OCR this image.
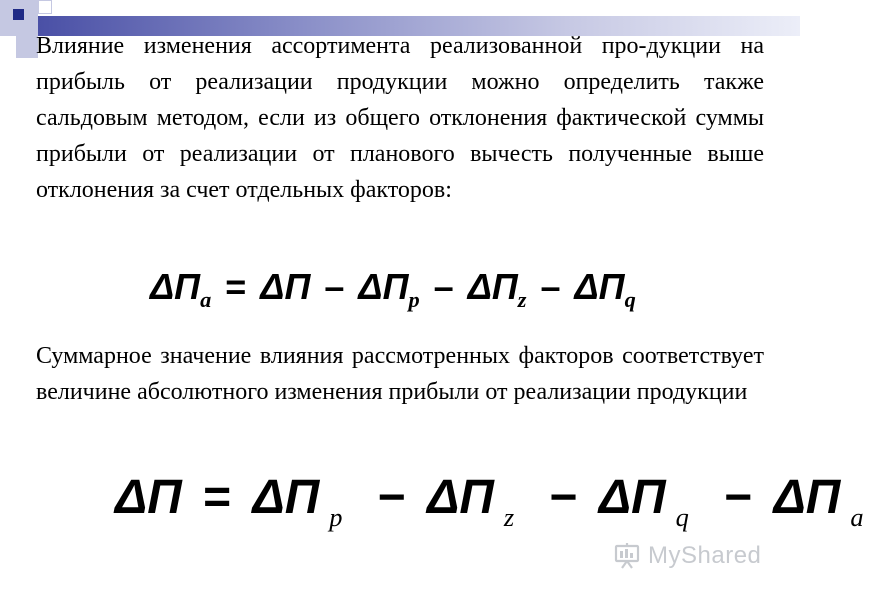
Влияние изменения ассортимента реализованной про-дукции на прибыль от реализации продукции можно определить также сальдовым методом, если из общего отклонения фактической суммы прибыли от реализации от планового вычесть полученные выше отклонения за счет отдельных факторов:

$\Delta П_a = \Delta П - \Delta П_p - \Delta П_z - \Delta П_q$

Суммарное значение влияния рассмотренных факторов соответствует величине абсолютного изменения прибыли от реализации продукции

ΔП = ΔП $_p$ − ΔП $_z$ − ΔП $_q$ − ΔП $_a$
MyShared
